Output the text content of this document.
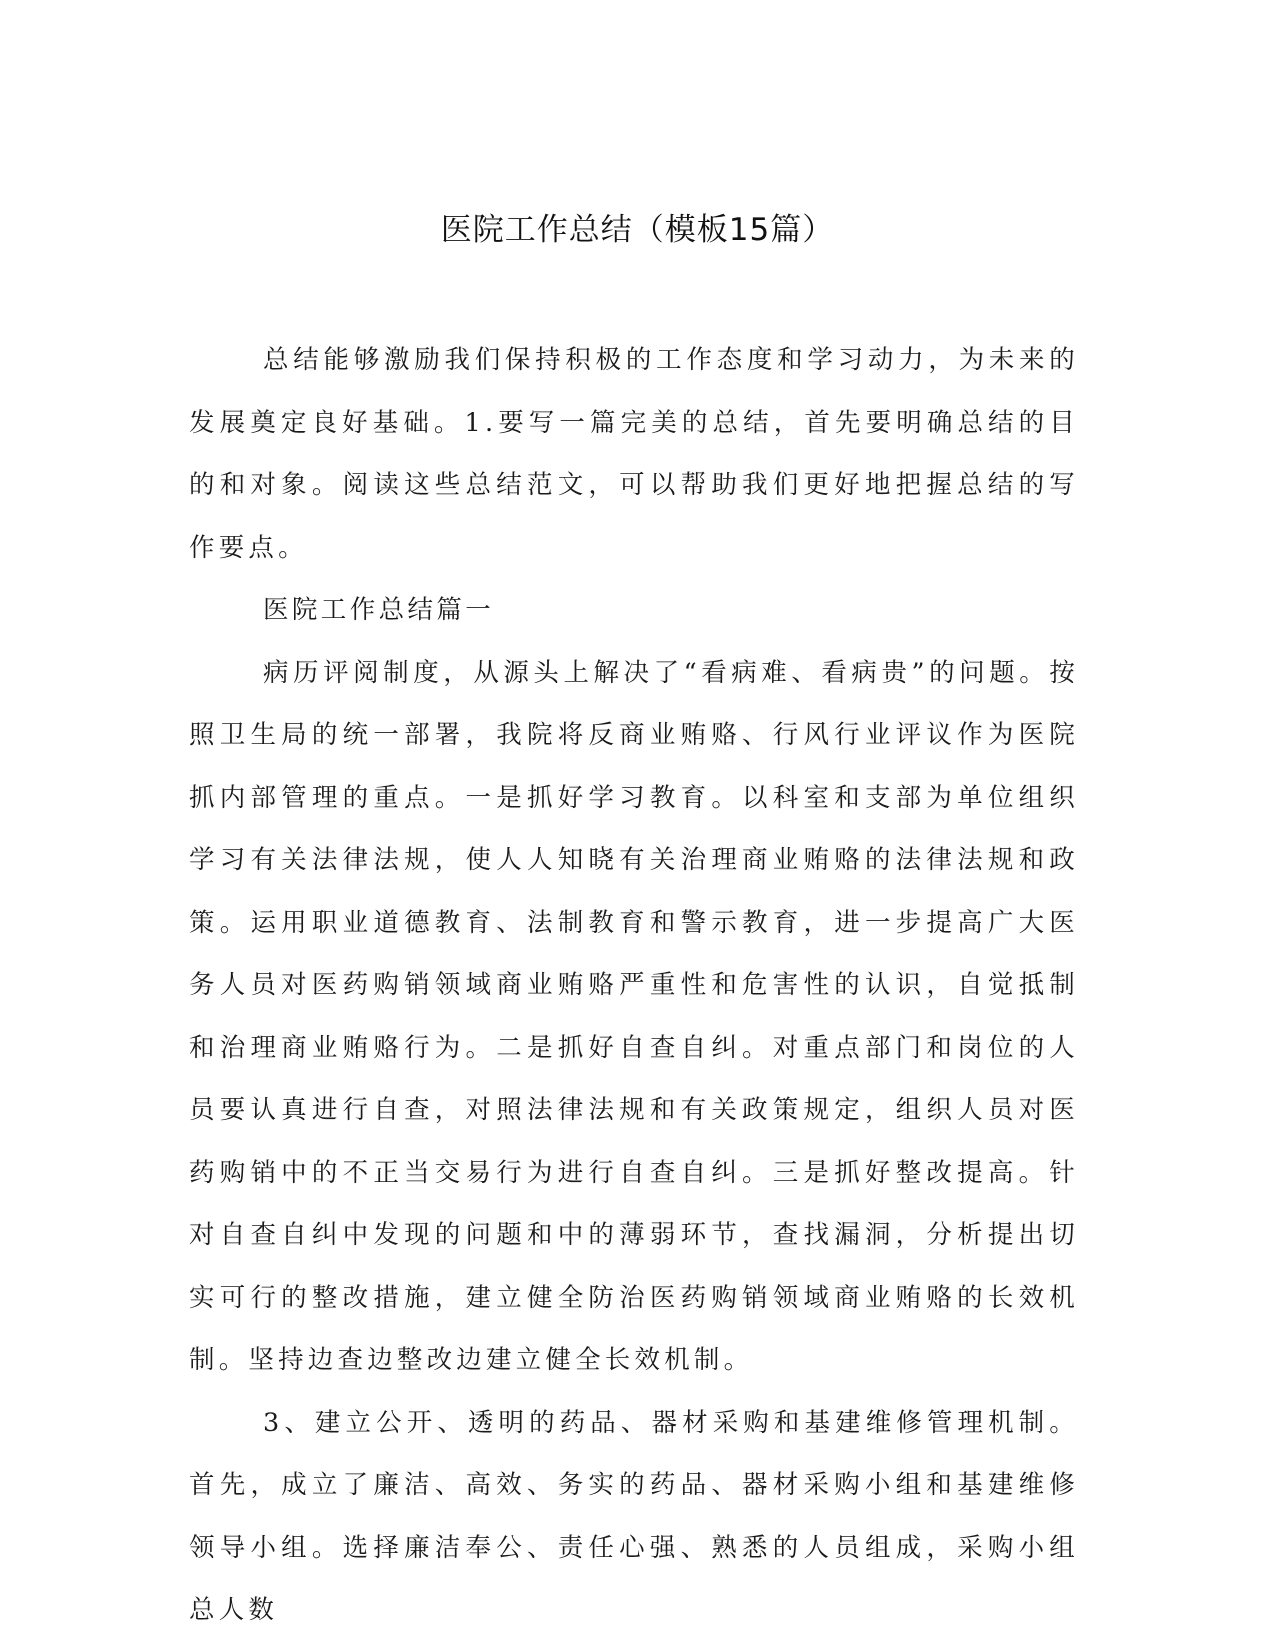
医院工作总结（模板15篇）

总结能够激励我们保持积极的工作态度和学习动力，为未来的发展奠定良好基础。1.要写一篇完美的总结，首先要明确总结的目的和对象。阅读这些总结范文，可以帮助我们更好地把握总结的写作要点。

医院工作总结篇一

病历评阅制度，从源头上解决了“看病难、看病贵”的问题。按照卫生局的统一部署，我院将反商业贿赂、行风行业评议作为医院抓内部管理的重点。一是抓好学习教育。以科室和支部为单位组织学习有关法律法规，使人人知晓有关治理商业贿赂的法律法规和政策。运用职业道德教育、法制教育和警示教育，进一步提高广大医务人员对医药购销领域商业贿赂严重性和危害性的认识，自觉抵制和治理商业贿赂行为。二是抓好自查自纠。对重点部门和岗位的人员要认真进行自查，对照法律法规和有关政策规定，组织人员对医药购销中的不正当交易行为进行自查自纠。三是抓好整改提高。针对自查自纠中发现的问题和中的薄弱环节，查找漏洞，分析提出切实可行的整改措施，建立健全防治医药购销领域商业贿赂的长效机制。坚持边查边整改边建立健全长效机制。

3、建立公开、透明的药品、器材采购和基建维修管理机制。首先，成立了廉洁、高效、务实的药品、器材采购小组和基建维修领导小组。选择廉洁奉公、责任心强、熟悉的人员组成，采购小组总人数
